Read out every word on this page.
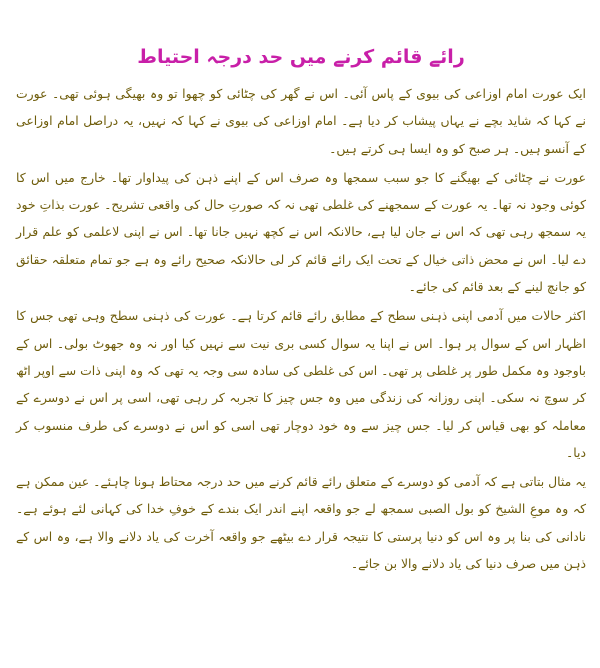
رائے قائم کرنے میں حد درجہ احتیاط

ایک عورت امام اوزاعی کی بیوی کے پاس آئی۔ اس نے گھر کی چٹائی کو چھوا تو وہ بھیگی ہوئی تھی۔ عورت نے کہا کہ شاید بچے نے یہاں پیشاب کر دیا ہے۔ امام اوزاعی کی بیوی نے کہا کہ نہیں، یہ دراصل امام اوزاعی کے آنسو ہیں۔ ہر صبح کو وہ ایسا ہی کرتے ہیں۔

عورت نے چٹائی کے بھیگنے کا جو سبب سمجھا وہ صرف اس کے اپنے ذہن کی پیداوار تھا۔ خارج میں اس کا کوئی وجود نہ تھا۔ یہ عورت کے سمجھنے کی غلطی تھی نہ کہ صورتِ حال کی واقعی تشریح۔ عورت بذاتِ خود یہ سمجھ رہی تھی کہ اس نے جان لیا ہے، حالانکہ اس نے کچھ نہیں جانا تھا۔ اس نے اپنی لاعلمی کو علم قرار دے لیا۔ اس نے محض ذاتی خیال کے تحت ایک رائے قائم کر لی حالانکہ صحیح رائے وہ ہے جو تمام متعلقہ حقائق کو جانچ لینے کے بعد قائم کی جائے۔

اکثر حالات میں آدمی اپنی ذہنی سطح کے مطابق رائے قائم کرتا ہے۔ عورت کی ذہنی سطح وہی تھی جس کا اظہار اس کے سوال پر ہوا۔ اس نے اپنا یہ سوال کسی بری نیت سے نہیں کیا اور نہ وہ جھوٹ بولی۔ اس کے باوجود وہ مکمل طور پر غلطی پر تھی۔ اس کی غلطی کی سادہ سی وجہ یہ تھی کہ وہ اپنی ذات سے اوپر اٹھ کر سوچ نہ سکی۔ اپنی روزانہ کی زندگی میں وہ جس چیز کا تجربہ کر رہی تھی، اسی پر اس نے دوسرے کے معاملہ کو بھی قیاس کر لیا۔ جس چیز سے وہ خود دوچار تھی اسی کو اس نے دوسرے کی طرف منسوب کر دیا۔

یہ مثال بتاتی ہے کہ آدمی کو دوسرے کے متعلق رائے قائم کرنے میں حد درجہ محتاط ہونا چاہئے۔ عین ممکن ہے کہ وہ موعِ الشیخ کو بول الصبی سمجھ لے جو واقعہ اپنے اندر ایک بندے کے خوفِ خدا کی کہانی لئے ہوئے ہے۔ نادانی کی بنا پر وہ اس کو دنیا پرستی کا نتیجہ قرار دے بیٹھے جو واقعہ آخرت کی یاد دلانے والا ہے، وہ اس کے ذہن میں صرف دنیا کی یاد دلانے والا بن جائے۔
